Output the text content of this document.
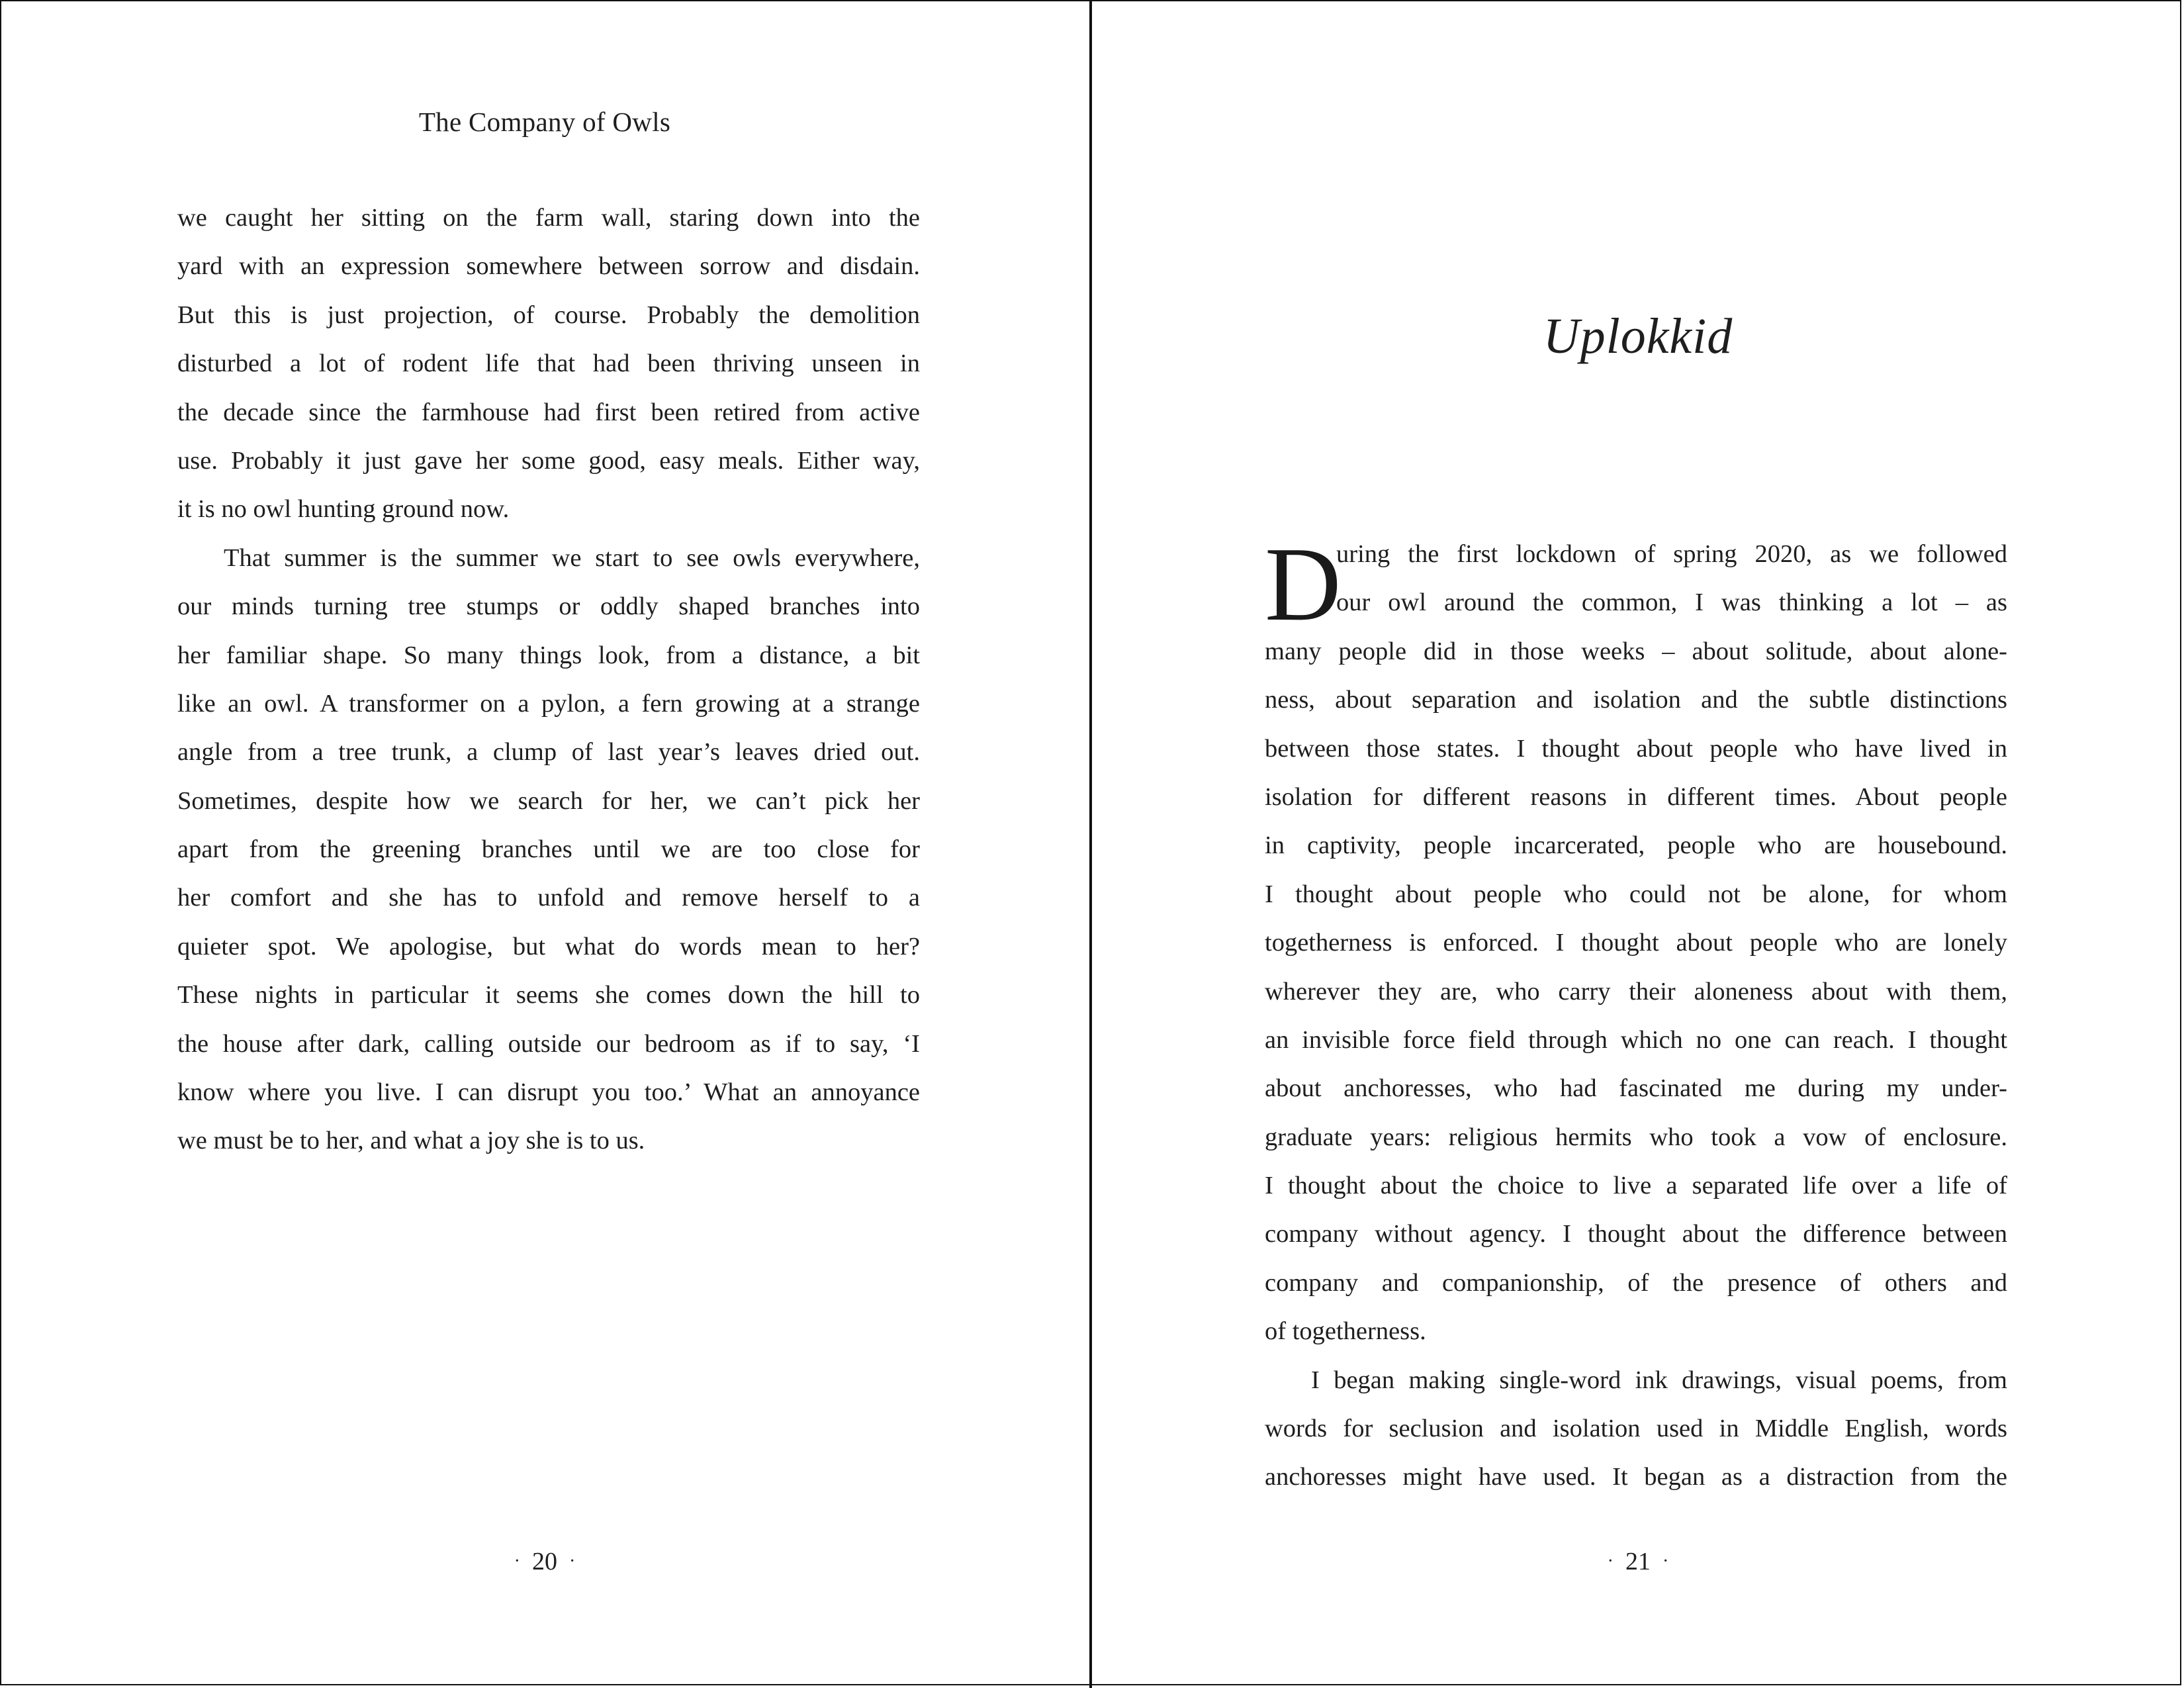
The Company of Owls
we caught her sitting on the farm wall, staring down into the
yard with an expression somewhere between sorrow and disdain.
But this is just projection, of course. Probably the demolition
disturbed a lot of rodent life that had been thriving unseen in
the decade since the farmhouse had first been retired from active
use. Probably it just gave her some good, easy meals. Either way,
it is no owl hunting ground now.
That summer is the summer we start to see owls everywhere,
our minds turning tree stumps or oddly shaped branches into
her familiar shape. So many things look, from a distance, a bit
like an owl. A transformer on a pylon, a fern growing at a strange
angle from a tree trunk, a clump of last year’s leaves dried out.
Sometimes, despite how we search for her, we can’t pick her
apart from the greening branches until we are too close for
her comfort and she has to unfold and remove herself to a
quieter spot. We apologise, but what do words mean to her?
These nights in particular it seems she comes down the hill to
the house after dark, calling outside our bedroom as if to say, ‘I
know where you live. I can disrupt you too.’ What an annoyance
we must be to her, and what a joy she is to us.
· 20 ·
Uplokkid
D
uring the first lockdown of spring 2020, as we followed
our owl around the common, I was thinking a lot – as
many people did in those weeks – about solitude, about alone-
ness, about separation and isolation and the subtle distinctions
between those states. I thought about people who have lived in
isolation for different reasons in different times. About people
in captivity, people incarcerated, people who are housebound.
I thought about people who could not be alone, for whom
togetherness is enforced. I thought about people who are lonely
wherever they are, who carry their aloneness about with them,
an invisible force field through which no one can reach. I thought
about anchoresses, who had fascinated me during my under-
graduate years: religious hermits who took a vow of enclosure.
I thought about the choice to live a separated life over a life of
company without agency. I thought about the difference between
company and companionship, of the presence of others and
of togetherness.
I began making single-word ink drawings, visual poems, from
words for seclusion and isolation used in Middle English, words
anchoresses might have used. It began as a distraction from the
· 21 ·
